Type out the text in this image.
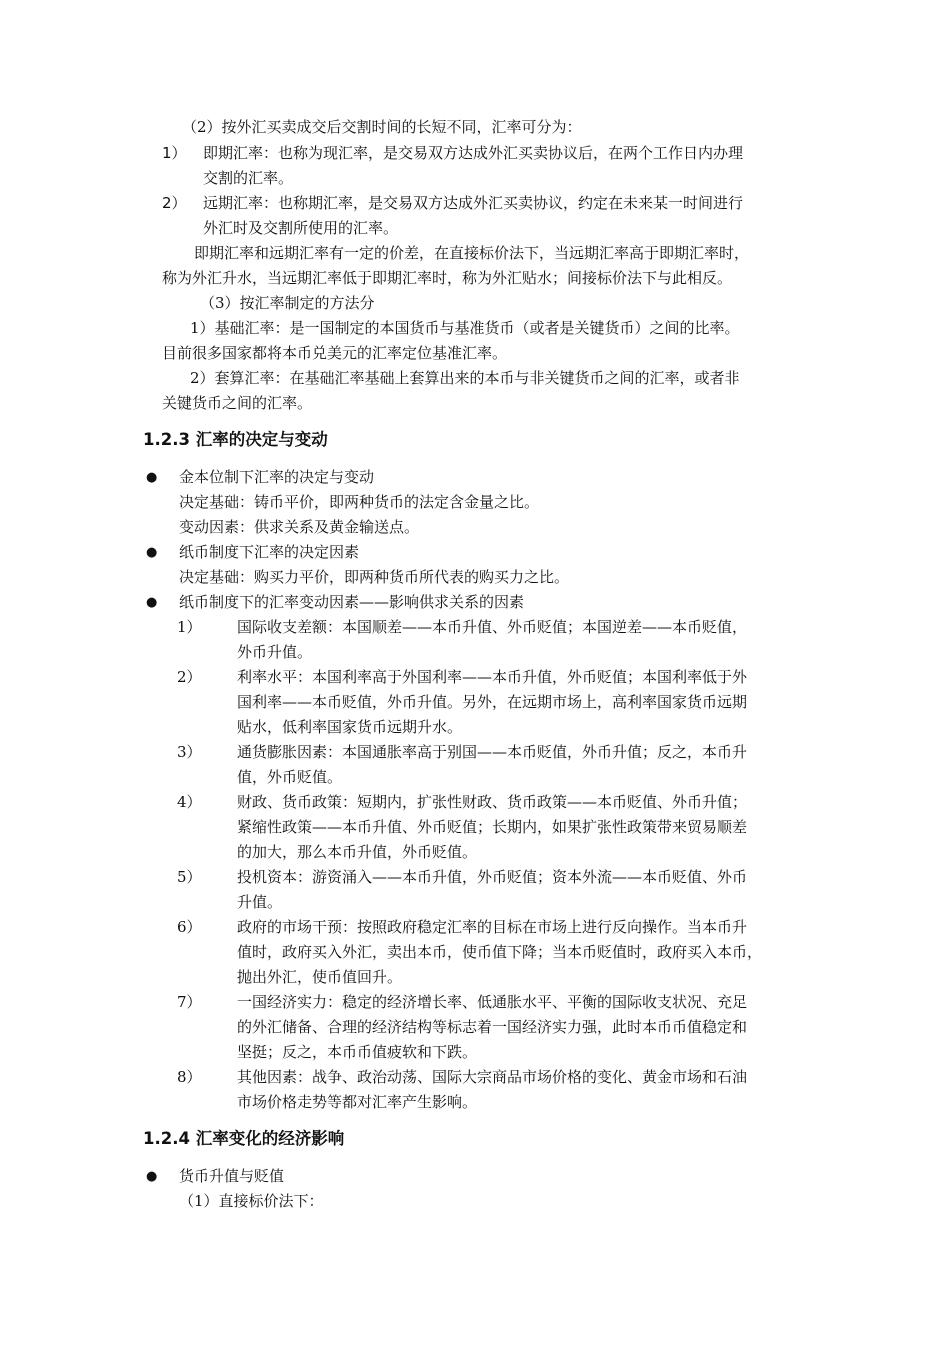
（2）按外汇买卖成交后交割时间的长短不同，汇率可分为：
1） 即期汇率：也称为现汇率，是交易双方达成外汇买卖协议后，在两个工作日内办理
交割的汇率。
2） 远期汇率：也称期汇率，是交易双方达成外汇买卖协议，约定在未来某一时间进行
外汇时及交割所使用的汇率。
即期汇率和远期汇率有一定的价差，在直接标价法下，当远期汇率高于即期汇率时，
称为外汇升水，当远期汇率低于即期汇率时，称为外汇贴水；间接标价法下与此相反。
（3）按汇率制定的方法分
1）基础汇率：是一国制定的本国货币与基准货币（或者是关键货币）之间的比率。
目前很多国家都将本币兑美元的汇率定位基准汇率。
2）套算汇率：在基础汇率基础上套算出来的本币与非关键货币之间的汇率，或者非
关键货币之间的汇率。
1.2.3 汇率的决定与变动
● 金本位制下汇率的决定与变动
决定基础：铸币平价，即两种货币的法定含金量之比。
变动因素：供求关系及黄金输送点。
● 纸币制度下汇率的决定因素
决定基础：购买力平价，即两种货币所代表的购买力之比。
● 纸币制度下的汇率变动因素——影响供求关系的因素
1） 国际收支差额：本国顺差——本币升值、外币贬值；本国逆差——本币贬值，
外币升值。
2） 利率水平：本国利率高于外国利率——本币升值，外币贬值；本国利率低于外
国利率——本币贬值，外币升值。另外，在远期市场上，高利率国家货币远期
贴水，低利率国家货币远期升水。
3） 通货膨胀因素：本国通胀率高于别国——本币贬值，外币升值；反之，本币升
值，外币贬值。
4） 财政、货币政策：短期内，扩张性财政、货币政策——本币贬值、外币升值；
紧缩性政策——本币升值、外币贬值；长期内，如果扩张性政策带来贸易顺差
的加大，那么本币升值，外币贬值。
5） 投机资本：游资涌入——本币升值，外币贬值；资本外流——本币贬值、外币
升值。
6） 政府的市场干预：按照政府稳定汇率的目标在市场上进行反向操作。当本币升
值时，政府买入外汇，卖出本币，使币值下降；当本币贬值时，政府买入本币，
抛出外汇，使币值回升。
7） 一国经济实力：稳定的经济增长率、低通胀水平、平衡的国际收支状况、充足
的外汇储备、合理的经济结构等标志着一国经济实力强，此时本币币值稳定和
坚挺；反之，本币币值疲软和下跌。
8） 其他因素：战争、政治动荡、国际大宗商品市场价格的变化、黄金市场和石油
市场价格走势等都对汇率产生影响。
1.2.4 汇率变化的经济影响
● 货币升值与贬值
（1）直接标价法下：
